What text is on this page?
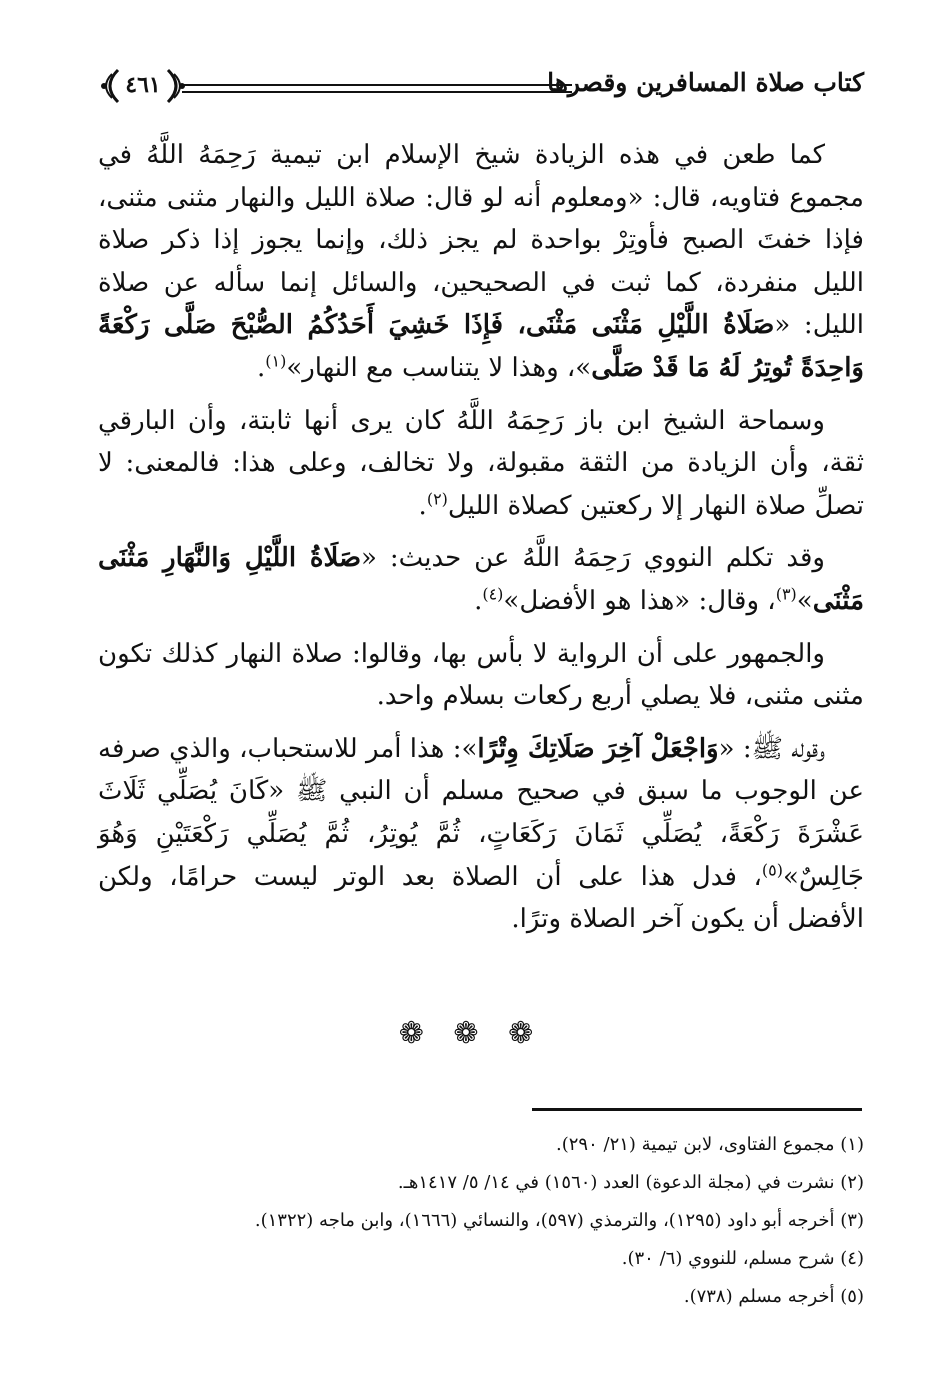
كتاب صلاة المسافرين وقصرها
٤٦١

كما طعن في هذه الزيادة شيخ الإسلام ابن تيمية رَحِمَهُ اللَّهُ في مجموع فتاويه، قال: «ومعلوم أنه لو قال: صلاة الليل والنهار مثنى مثنى، فإذا خفتَ الصبح فأوتِرْ بواحدة لم يجز ذلك، وإنما يجوز إذا ذكر صلاة الليل منفردة، كما ثبت في الصحيحين، والسائل إنما سأله عن صلاة الليل: «صَلَاةُ اللَّيْلِ مَثْنَى مَثْنَى، فَإِذَا خَشِيَ أَحَدُكُمُ الصُّبْحَ صَلَّى رَكْعَةً وَاحِدَةً تُوتِرُ لَهُ مَا قَدْ صَلَّى»، وهذا لا يتناسب مع النهار»$^{(١)}$.

وسماحة الشيخ ابن باز رَحِمَهُ اللَّهُ كان يرى أنها ثابتة، وأن البارقي ثقة، وأن الزيادة من الثقة مقبولة، ولا تخالف، وعلى هذا: فالمعنى: لا تصلِّ صلاة النهار إلا ركعتين كصلاة الليل$^{(٢)}$.

وقد تكلم النووي رَحِمَهُ اللَّهُ عن حديث: «صَلَاةُ اللَّيْلِ وَالنَّهَارِ مَثْنَى مَثْنَى»$^{(٣)}$، وقال: «هذا هو الأفضل»$^{(٤)}$.

والجمهور على أن الرواية لا بأس بها، وقالوا: صلاة النهار كذلك تكون مثنى مثنى، فلا يصلي أربع ركعات بسلام واحد.

وقوله ﷺ: «وَاجْعَلْ آخِرَ صَلَاتِكَ وِتْرًا»: هذا أمر للاستحباب، والذي صرفه عن الوجوب ما سبق في صحيح مسلم أن النبي ﷺ «كَانَ يُصَلِّي ثَلَاثَ عَشْرَةَ رَكْعَةً، يُصَلِّي ثَمَانَ رَكَعَاتٍ، ثُمَّ يُوتِرُ، ثُمَّ يُصَلِّي رَكْعَتَيْنِ وَهُوَ جَالِسٌ»$^{(٥)}$، فدل هذا على أن الصلاة بعد الوتر ليست حرامًا، ولكن الأفضل أن يكون آخر الصلاة وترًا.

❁ ❁ ❁

(١) مجموع الفتاوى، لابن تيمية (٢١/ ٢٩٠).

(٢) نشرت في (مجلة الدعوة) العدد (١٥٦٠) في ١٤/ ٥/ ١٤١٧هـ.

(٣) أخرجه أبو داود (١٢٩٥)، والترمذي (٥٩٧)، والنسائي (١٦٦٦)، وابن ماجه (١٣٢٢).

(٤) شرح مسلم، للنووي (٦/ ٣٠).

(٥) أخرجه مسلم (٧٣٨).
